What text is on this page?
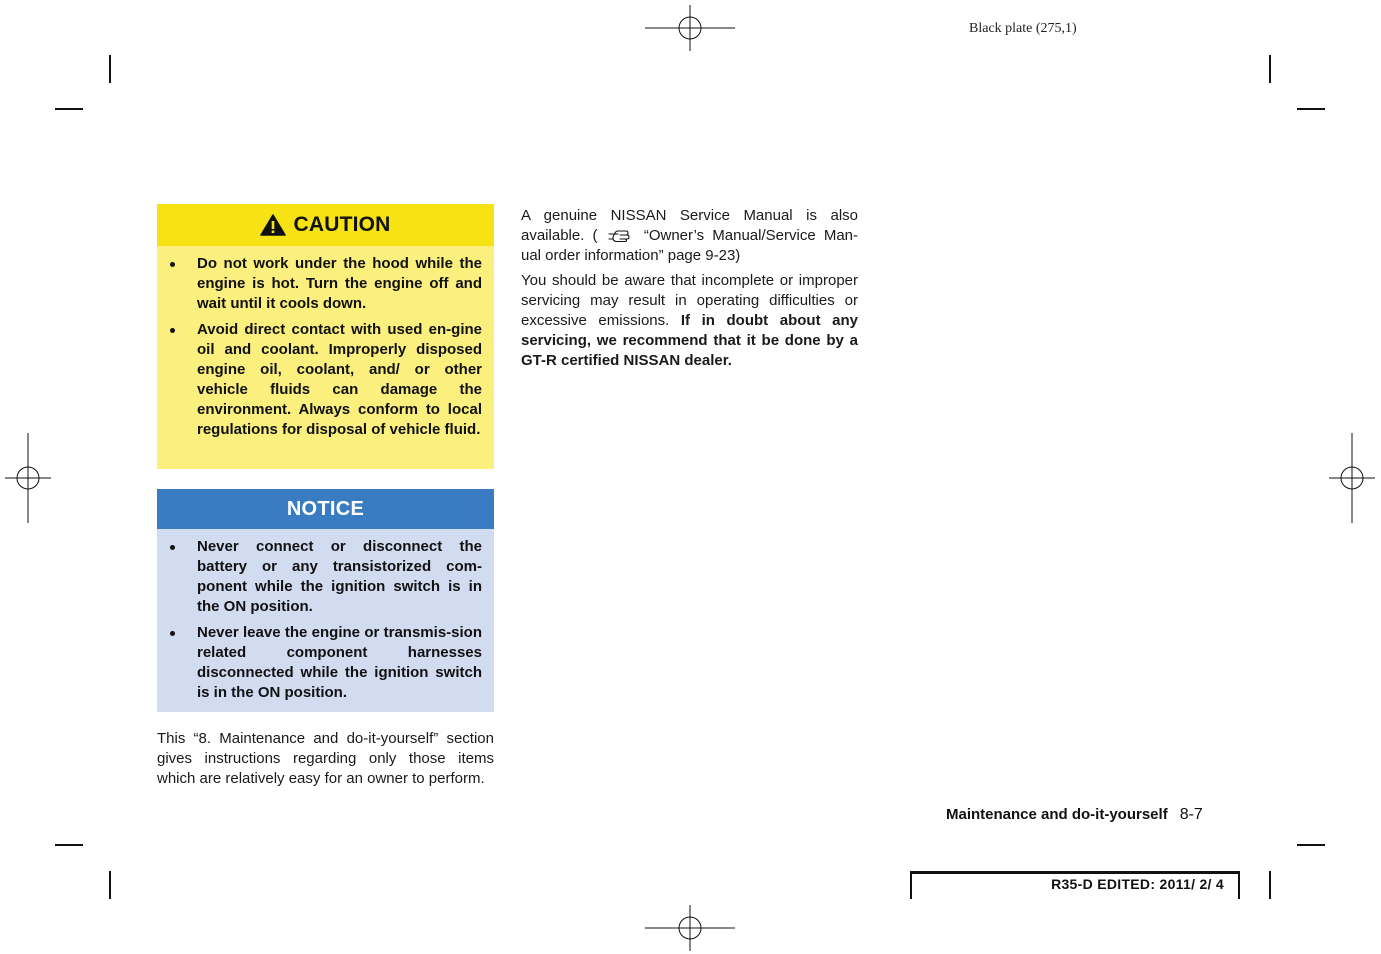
Black plate (275,1)
CAUTION
Do not work under the hood while the engine is hot. Turn the engine off and wait until it cools down.
Avoid direct contact with used en-gine oil and coolant. Improperly disposed engine oil, coolant, and/ or other vehicle fluids can damage the environment. Always conform to local regulations for disposal of vehicle fluid.
NOTICE
Never connect or disconnect the battery or any transistorized com-ponent while the ignition switch is in the ON position.
Never leave the engine or transmis-sion related component harnesses disconnected while the ignition switch is in the ON position.
This “8. Maintenance and do-it-yourself” section gives instructions regarding only those items which are relatively easy for an owner to perform.
A genuine NISSAN Service Manual is also available. (	“Owner’s Manual/Service Man-ual order information” page 9-23)
You should be aware that incomplete or improper servicing may result in operating difficulties or excessive emissions. If in doubt about any servicing, we recommend that it be done by a GT-R certified NISSAN dealer.
Maintenance and do-it-yourself 8-7
R35-D EDITED: 2011/ 2/ 4
